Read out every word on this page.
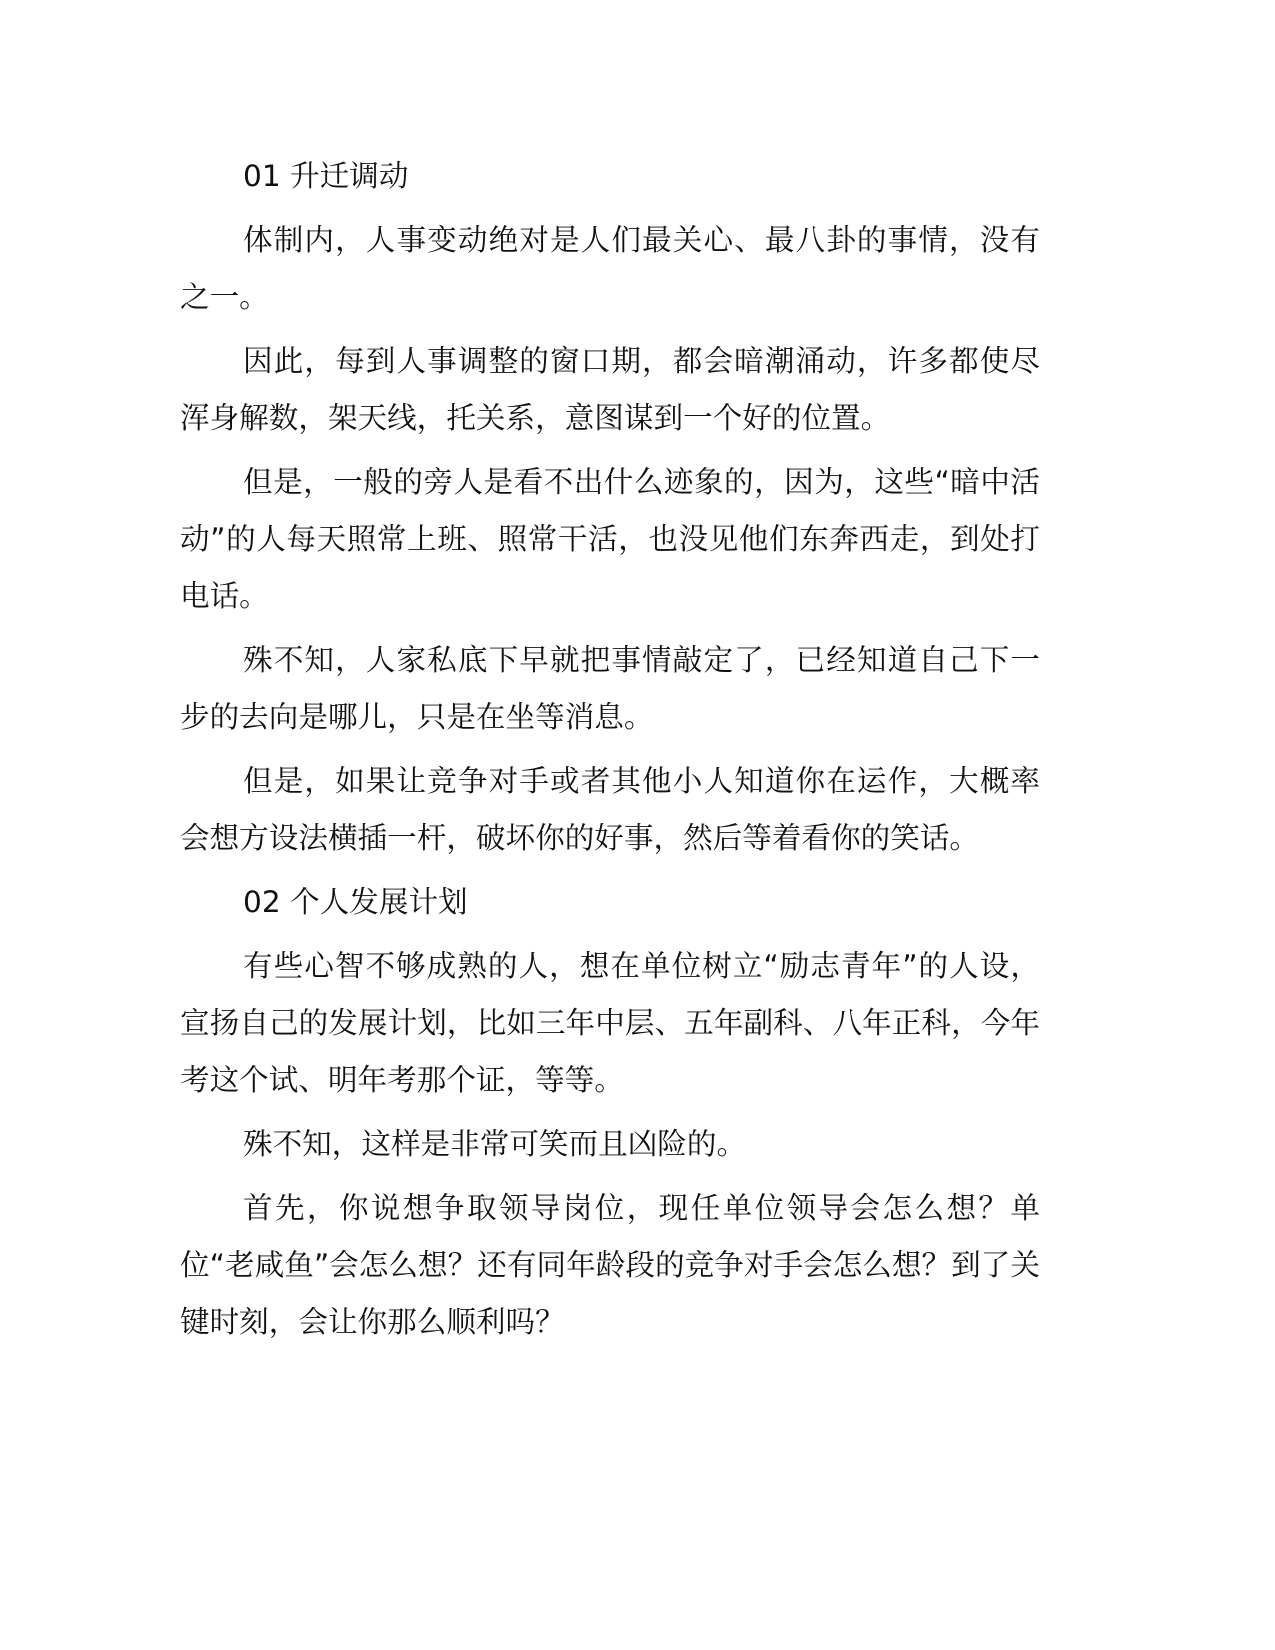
01 升迁调动

体制内，人事变动绝对是人们最关心、最八卦的事情，没有之一。

因此，每到人事调整的窗口期，都会暗潮涌动，许多都使尽浑身解数，架天线，托关系，意图谋到一个好的位置。

但是，一般的旁人是看不出什么迹象的，因为，这些“暗中活动”的人每天照常上班、照常干活，也没见他们东奔西走，到处打电话。

殊不知，人家私底下早就把事情敲定了，已经知道自己下一步的去向是哪儿，只是在坐等消息。

但是，如果让竞争对手或者其他小人知道你在运作，大概率会想方设法横插一杆，破坏你的好事，然后等着看你的笑话。

02 个人发展计划

有些心智不够成熟的人，想在单位树立“励志青年”的人设，宣扬自己的发展计划，比如三年中层、五年副科、八年正科，今年考这个试、明年考那个证，等等。

殊不知，这样是非常可笑而且凶险的。

首先，你说想争取领导岗位，现任单位领导会怎么想？单位“老咸鱼”会怎么想？还有同年龄段的竞争对手会怎么想？到了关键时刻，会让你那么顺利吗？
